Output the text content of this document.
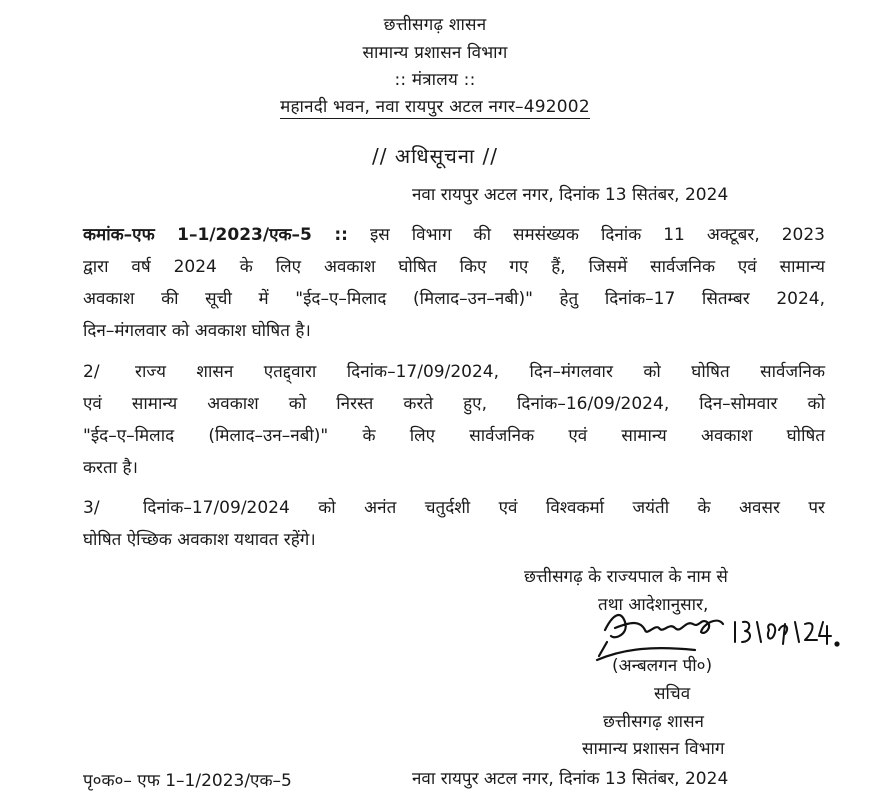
छत्तीसगढ़ शासन
सामान्य प्रशासन विभाग
:: मंत्रालय ::
महानदी भवन, नवा रायपुर अटल नगर–492002
// अधिसूचना //
नवा रायपुर अटल नगर, दिनांक 13 सितंबर, 2024
कमांक–एफ 1–1/2023/एक–5 :: इस विभाग की समसंख्यक दिनांक 11 अक्टूबर, 2023
द्वारा वर्ष 2024 के लिए अवकाश घोषित किए गए हैं, जिसमें सार्वजनिक एवं सामान्य
अवकाश की सूची में "ईद–ए–मिलाद (मिलाद–उन–नबी)" हेतु दिनांक–17 सितम्बर 2024,
दिन–मंगलवार को अवकाश घोषित है।
2/ राज्य शासन एतद्द्वारा दिनांक–17/09/2024, दिन–मंगलवार को घोषित सार्वजनिक
एवं सामान्य अवकाश को निरस्त करते हुए, दिनांक–16/09/2024, दिन–सोमवार को
"ईद–ए–मिलाद (मिलाद–उन–नबी)" के लिए सार्वजनिक एवं सामान्य अवकाश घोषित
करता है।
3/	दिनांक–17/09/2024 को अनंत चतुर्दशी एवं विश्वकर्मा जयंती के अवसर पर
घोषित ऐच्छिक अवकाश यथावत रहेंगे।
छत्तीसगढ़ के राज्यपाल के नाम से
तथा आदेशानुसार,
(अन्बलगन पी०)
सचिव
छत्तीसगढ़ शासन
सामान्य प्रशासन विभाग
पृ०क०– एफ 1–1/2023/एक–5	नवा रायपुर अटल नगर, दिनांक 13 सितंबर, 2024
